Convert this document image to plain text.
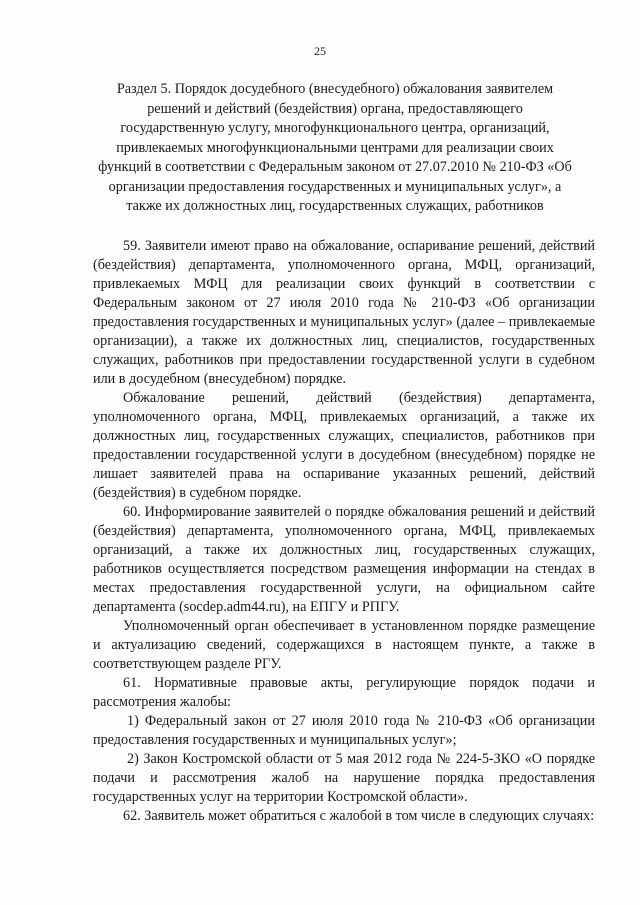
25
Раздел 5. Порядок досудебного (внесудебного) обжалования заявителем решений и действий (бездействия) органа, предоставляющего государственную услугу, многофункционального центра, организаций, привлекаемых многофункциональными центрами для реализации своих функций в соответствии с Федеральным законом от 27.07.2010 № 210-ФЗ «Об организации предоставления государственных и муниципальных услуг», а также их должностных лиц, государственных служащих, работников

59. Заявители имеют право на обжалование, оспаривание решений, действий (бездействия) департамента, уполномоченного органа, МФЦ, организаций, привлекаемых МФЦ для реализации своих функций в соответствии с Федеральным законом от 27 июля 2010 года № 210-ФЗ «Об организации предоставления государственных и муниципальных услуг» (далее – привлекаемые организации), а также их должностных лиц, специалистов, государственных служащих, работников при предоставлении государственной услуги в судебном или в досудебном (внесудебном) порядке.

Обжалование решений, действий (бездействия) департамента, уполномоченного органа, МФЦ, привлекаемых организаций, а также их должностных лиц, государственных служащих, специалистов, работников при предоставлении государственной услуги в досудебном (внесудебном) порядке не лишает заявителей права на оспаривание указанных решений, действий (бездействия) в судебном порядке.

60. Информирование заявителей о порядке обжалования решений и действий (бездействия) департамента, уполномоченного органа, МФЦ, привлекаемых организаций, а также их должностных лиц, государственных служащих, работников осуществляется посредством размещения информации на стендах в местах предоставления государственной услуги, на официальном сайте департамента (socdep.adm44.ru), на ЕПГУ и РПГУ.

Уполномоченный орган обеспечивает в установленном порядке размещение и актуализацию сведений, содержащихся в настоящем пункте, а также в соответствующем разделе РГУ.

61. Нормативные правовые акты, регулирующие порядок подачи и рассмотрения жалобы:

1) Федеральный закон от 27 июля 2010 года № 210-ФЗ «Об организации предоставления государственных и муниципальных услуг»;

2) Закон Костромской области от 5 мая 2012 года № 224-5-ЗКО «О порядке подачи и рассмотрения жалоб на нарушение порядка предоставления государственных услуг на территории Костромской области».

62. Заявитель может обратиться с жалобой в том числе в следующих случаях:
